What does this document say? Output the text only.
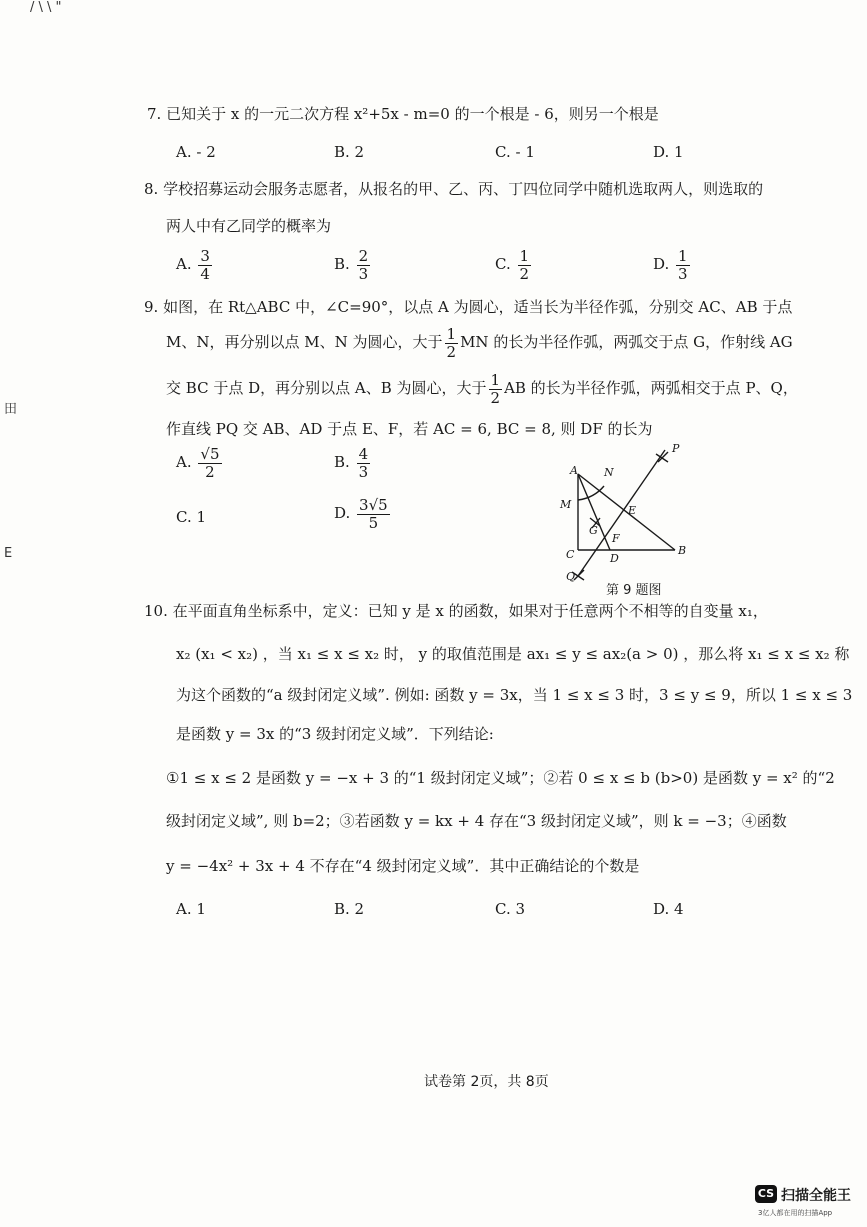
/ \ \ "
田
E
7. 已知关于 x 的一元二次方程 x²+5x - m=0 的一个根是 - 6，则另一个根是
A. - 2	B. 2	C. - 1	D. 1
8. 学校招募运动会服务志愿者，从报名的甲、乙、丙、丁四位同学中随机选取两人，则选取的
两人中有乙同学的概率为
A. $\frac{3}{4}$	B. $\frac{2}{3}$	C. $\frac{1}{2}$	D. $\frac{1}{3}$
9. 如图，在 Rt△ABC 中，∠C=90°，以点 A 为圆心，适当长为半径作弧，分别交 AC、AB 于点
M、N，再分别以点 M、N 为圆心，大于 $\frac{1}{2}$ MN 的长为半径作弧，两弧交于点 G，作射线 AG
交 BC 于点 D，再分别以点 A、B 为圆心，大于 $\frac{1}{2}$ AB 的长为半径作弧，两弧相交于点 P、Q，
作直线 PQ 交 AB、AD 于点 E、F，若 AC = 6, BC = 8, 则 DF 的长为
A. $\frac{√5}{2}$	B. $\frac{4}{3}$
C. 1	D. $\frac{3√5}{5}$
A N
M
G
F
E
C	D
B
P
Q
第 9 题图
10. 在平面直角坐标系中，定义：已知 y 是 x 的函数，如果对于任意两个不相等的自变量 x₁，
x₂ (x₁ < x₂) ，当 x₁ ≤ x ≤ x₂ 时， y 的取值范围是 ax₁ ≤ y ≤ ax₂(a > 0) ，那么将 x₁ ≤ x ≤ x₂ 称
为这个函数的“a 级封闭定义域”. 例如: 函数 y = 3x，当 1 ≤ x ≤ 3 时，3 ≤ y ≤ 9，所以 1 ≤ x ≤ 3
是函数 y = 3x 的“3 级封闭定义域”．下列结论:
①1 ≤ x ≤ 2 是函数 y = −x + 3 的“1 级封闭定义域”；②若 0 ≤ x ≤ b (b>0) 是函数 y = x² 的“2
级封闭定义域”, 则 b=2；③若函数 y = kx + 4 存在“3 级封闭定义域”，则 k = −3；④函数
y = −4x² + 3x + 4 不存在“4 级封闭定义域”．其中正确结论的个数是
A. 1	B. 2	C. 3	D. 4
试卷第 2页，共 8页
CS 扫描全能王
3亿人都在用的扫描App
